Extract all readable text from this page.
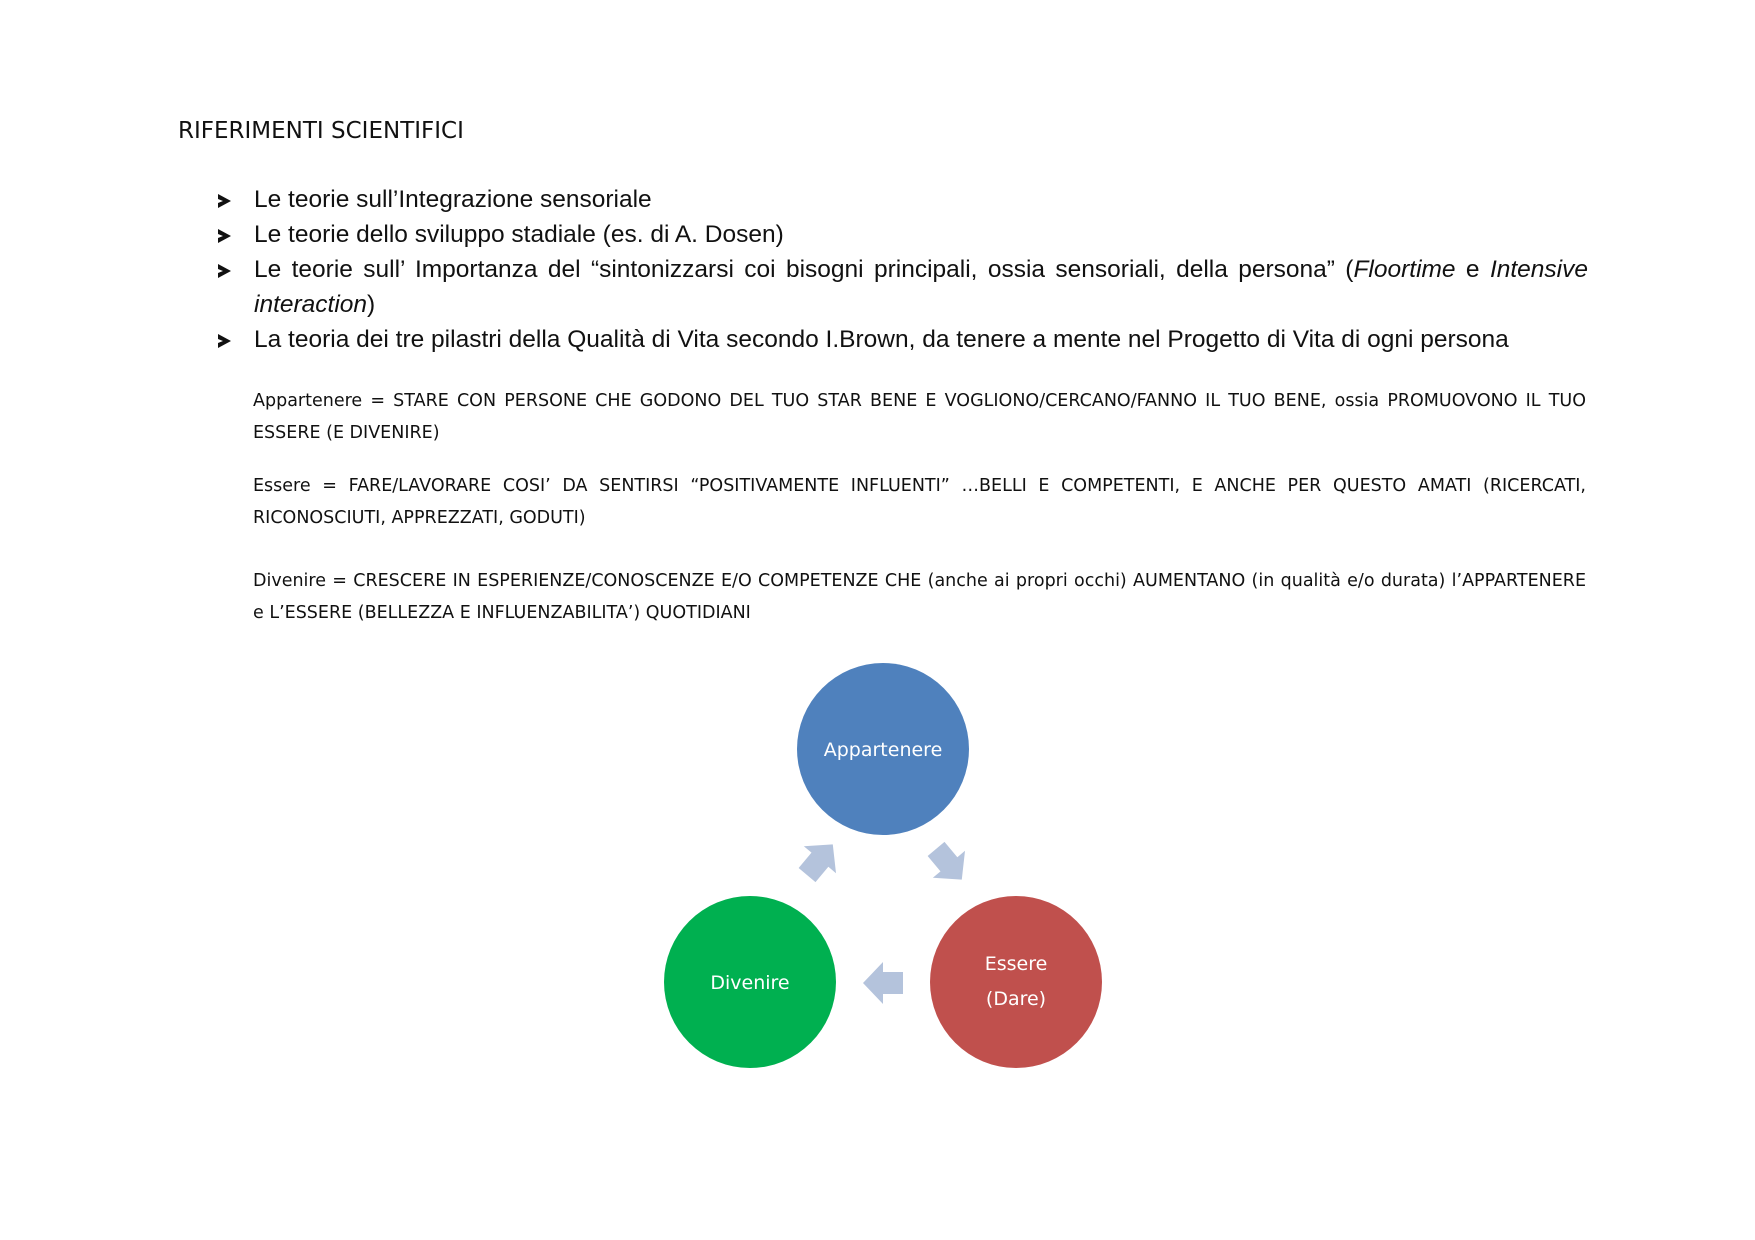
RIFERIMENTI SCIENTIFICI
Le teorie sull’Integrazione sensoriale
Le teorie dello sviluppo stadiale (es. di A. Dosen)
Le teorie sull’ Importanza del “sintonizzarsi coi bisogni principali, ossia sensoriali, della persona” (Floortime e Intensive interaction)
La teoria dei tre pilastri della Qualità di Vita secondo I.Brown, da tenere a mente nel Progetto di Vita di ogni persona
Appartenere = STARE CON PERSONE CHE GODONO DEL TUO STAR BENE E VOGLIONO/CERCANO/FANNO IL TUO BENE, ossia PROMUOVONO IL TUO ESSERE (E DIVENIRE)
Essere = FARE/LAVORARE COSI’ DA SENTIRSI “POSITIVAMENTE INFLUENTI” …BELLI E COMPETENTI, E ANCHE PER QUESTO AMATI (RICERCATI, RICONOSCIUTI, APPREZZATI, GODUTI)
Divenire = CRESCERE IN ESPERIENZE/CONOSCENZE E/O COMPETENZE CHE (anche ai propri occhi) AUMENTANO (in qualità e/o durata) l’APPARTENERE e L’ESSERE (BELLEZZA E INFLUENZABILITA’) QUOTIDIANI
Appartenere
Essere
(Dare)
Divenire
